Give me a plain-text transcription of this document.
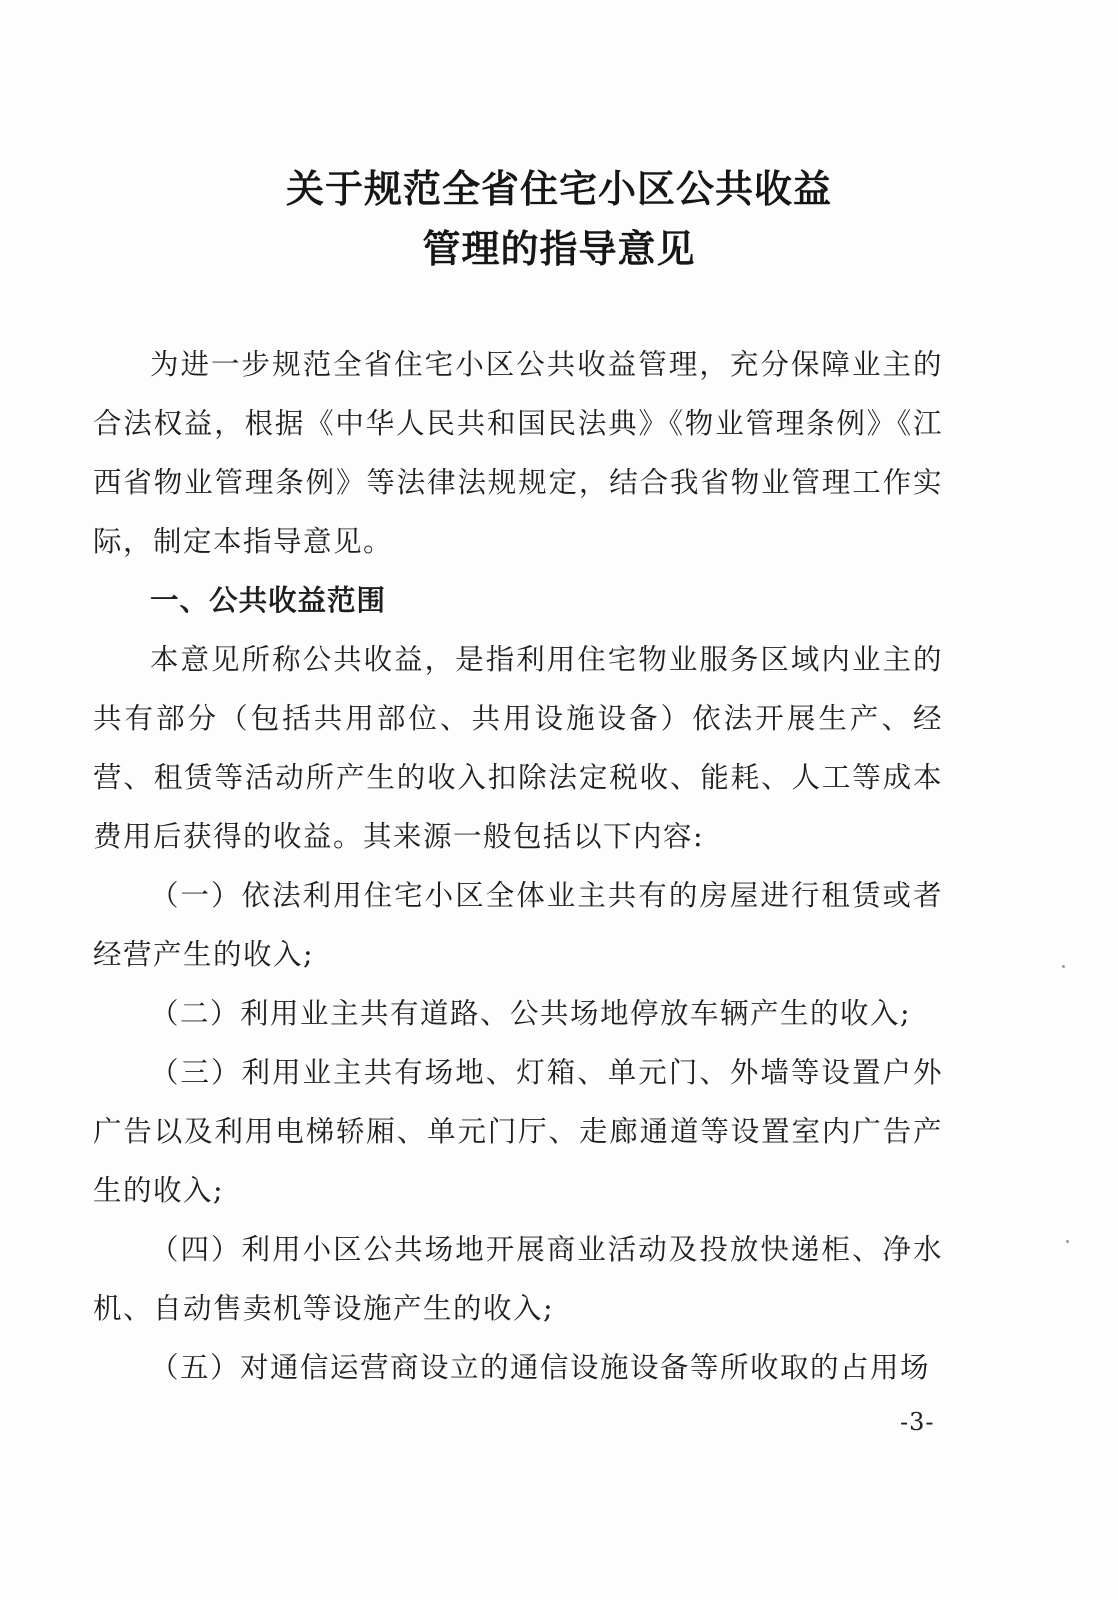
关于规范全省住宅小区公共收益
管理的指导意见

为进一步规范全省住宅小区公共收益管理，充分保障业主的合法权益，根据《中华人民共和国民法典》《物业管理条例》《江西省物业管理条例》等法律法规规定，结合我省物业管理工作实际，制定本指导意见。

一、公共收益范围

本意见所称公共收益，是指利用住宅物业服务区域内业主的共有部分（包括共用部位、共用设施设备）依法开展生产、经营、租赁等活动所产生的收入扣除法定税收、能耗、人工等成本费用后获得的收益。其来源一般包括以下内容:

（一）依法利用住宅小区全体业主共有的房屋进行租赁或者经营产生的收入;

（二）利用业主共有道路、公共场地停放车辆产生的收入;

（三）利用业主共有场地、灯箱、单元门、外墙等设置户外广告以及利用电梯轿厢、单元门厅、走廊通道等设置室内广告产生的收入;

（四）利用小区公共场地开展商业活动及投放快递柜、净水机、自动售卖机等设施产生的收入;

（五）对通信运营商设立的通信设施设备等所收取的占用场

-3-
